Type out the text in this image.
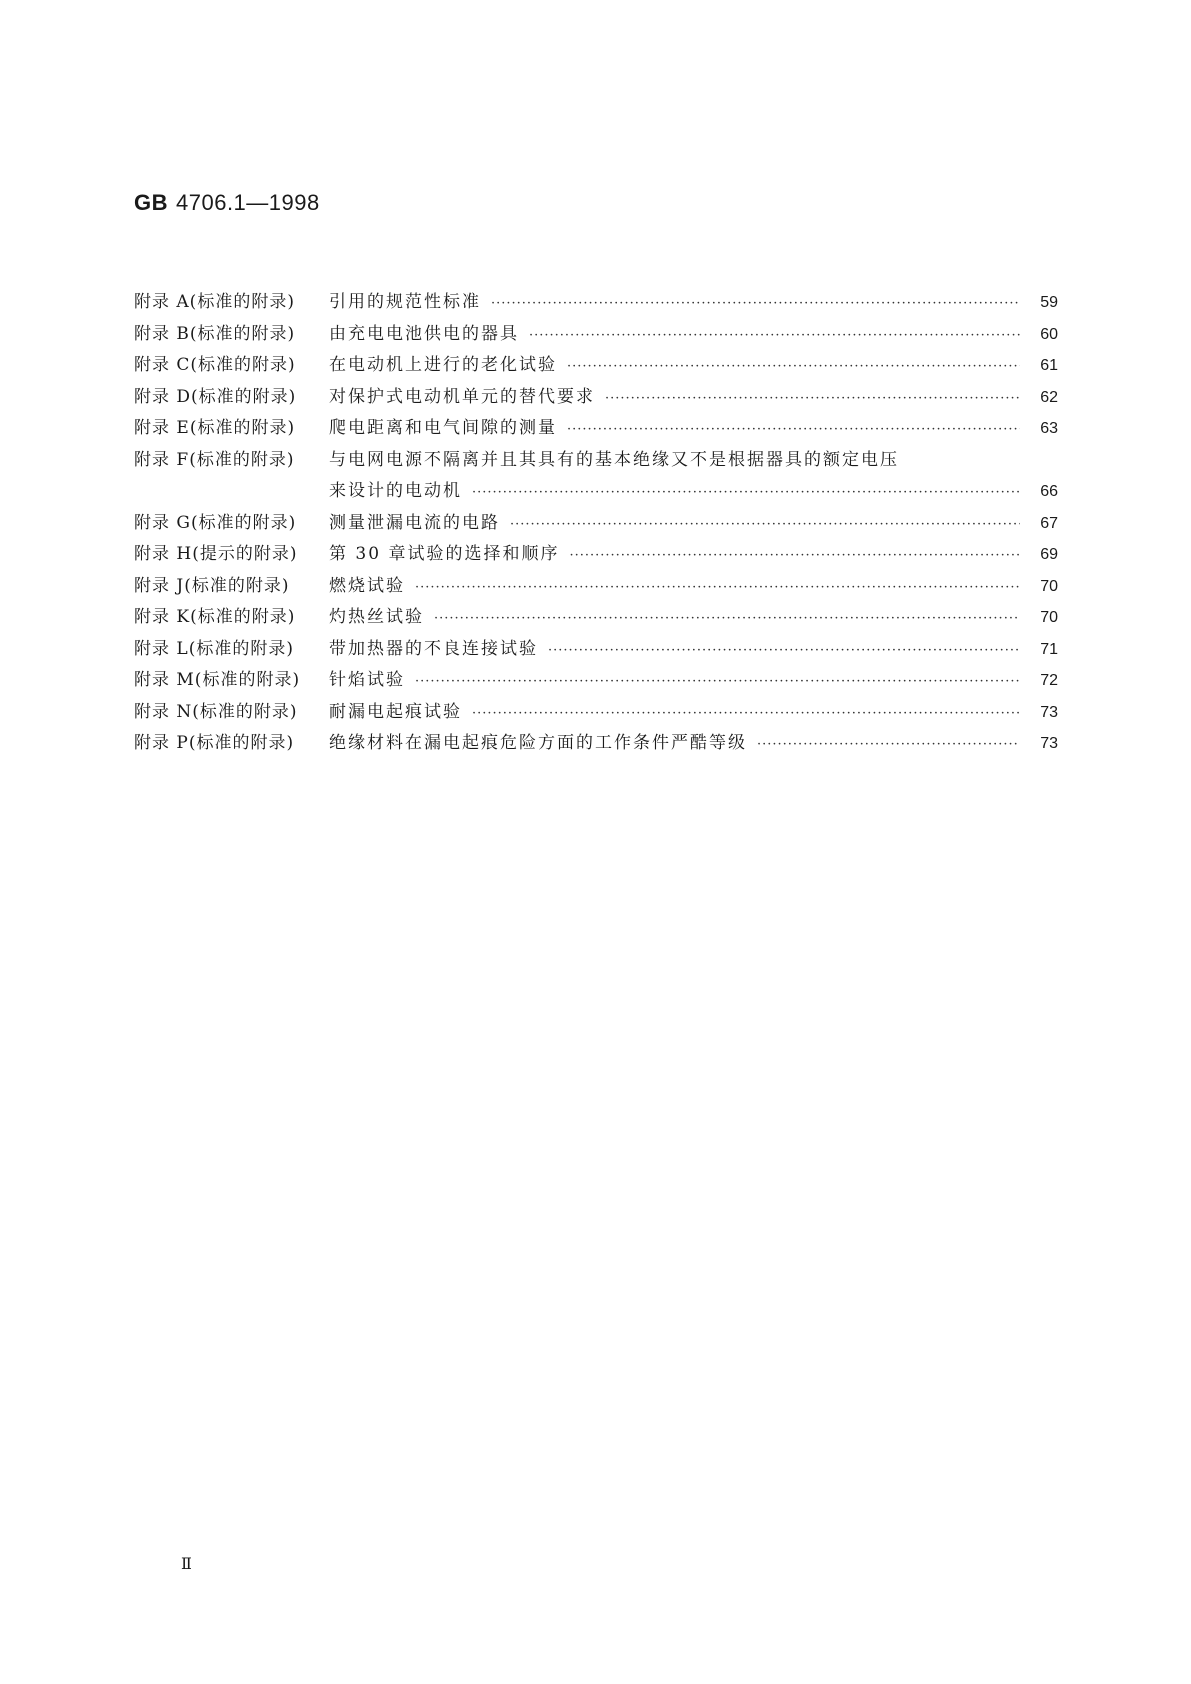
GB 4706.1—1998
附录 A(标准的附录)	引用的规范性标准 ·····	59
附录 B(标准的附录)	由充电电池供电的器具 ·····	60
附录 C(标准的附录)	在电动机上进行的老化试验 ·····	61
附录 D(标准的附录)	对保护式电动机单元的替代要求 ·····	62
附录 E(标准的附录)	爬电距离和电气间隙的测量 ·····	63
附录 F(标准的附录)	与电网电源不隔离并且其具有的基本绝缘又不是根据器具的额定电压
来设计的电动机 ·····	66
附录 G(标准的附录)	测量泄漏电流的电路 ·····	67
附录 H(提示的附录)	第 30 章试验的选择和顺序 ·····	69
附录 J(标准的附录)	燃烧试验 ·····	70
附录 K(标准的附录)	灼热丝试验 ·····	70
附录 L(标准的附录)	带加热器的不良连接试验 ·····	71
附录 M(标准的附录)	针焰试验 ·····	72
附录 N(标准的附录)	耐漏电起痕试验 ·····	73
附录 P(标准的附录)	绝缘材料在漏电起痕危险方面的工作条件严酷等级 ·····	73
Ⅱ
